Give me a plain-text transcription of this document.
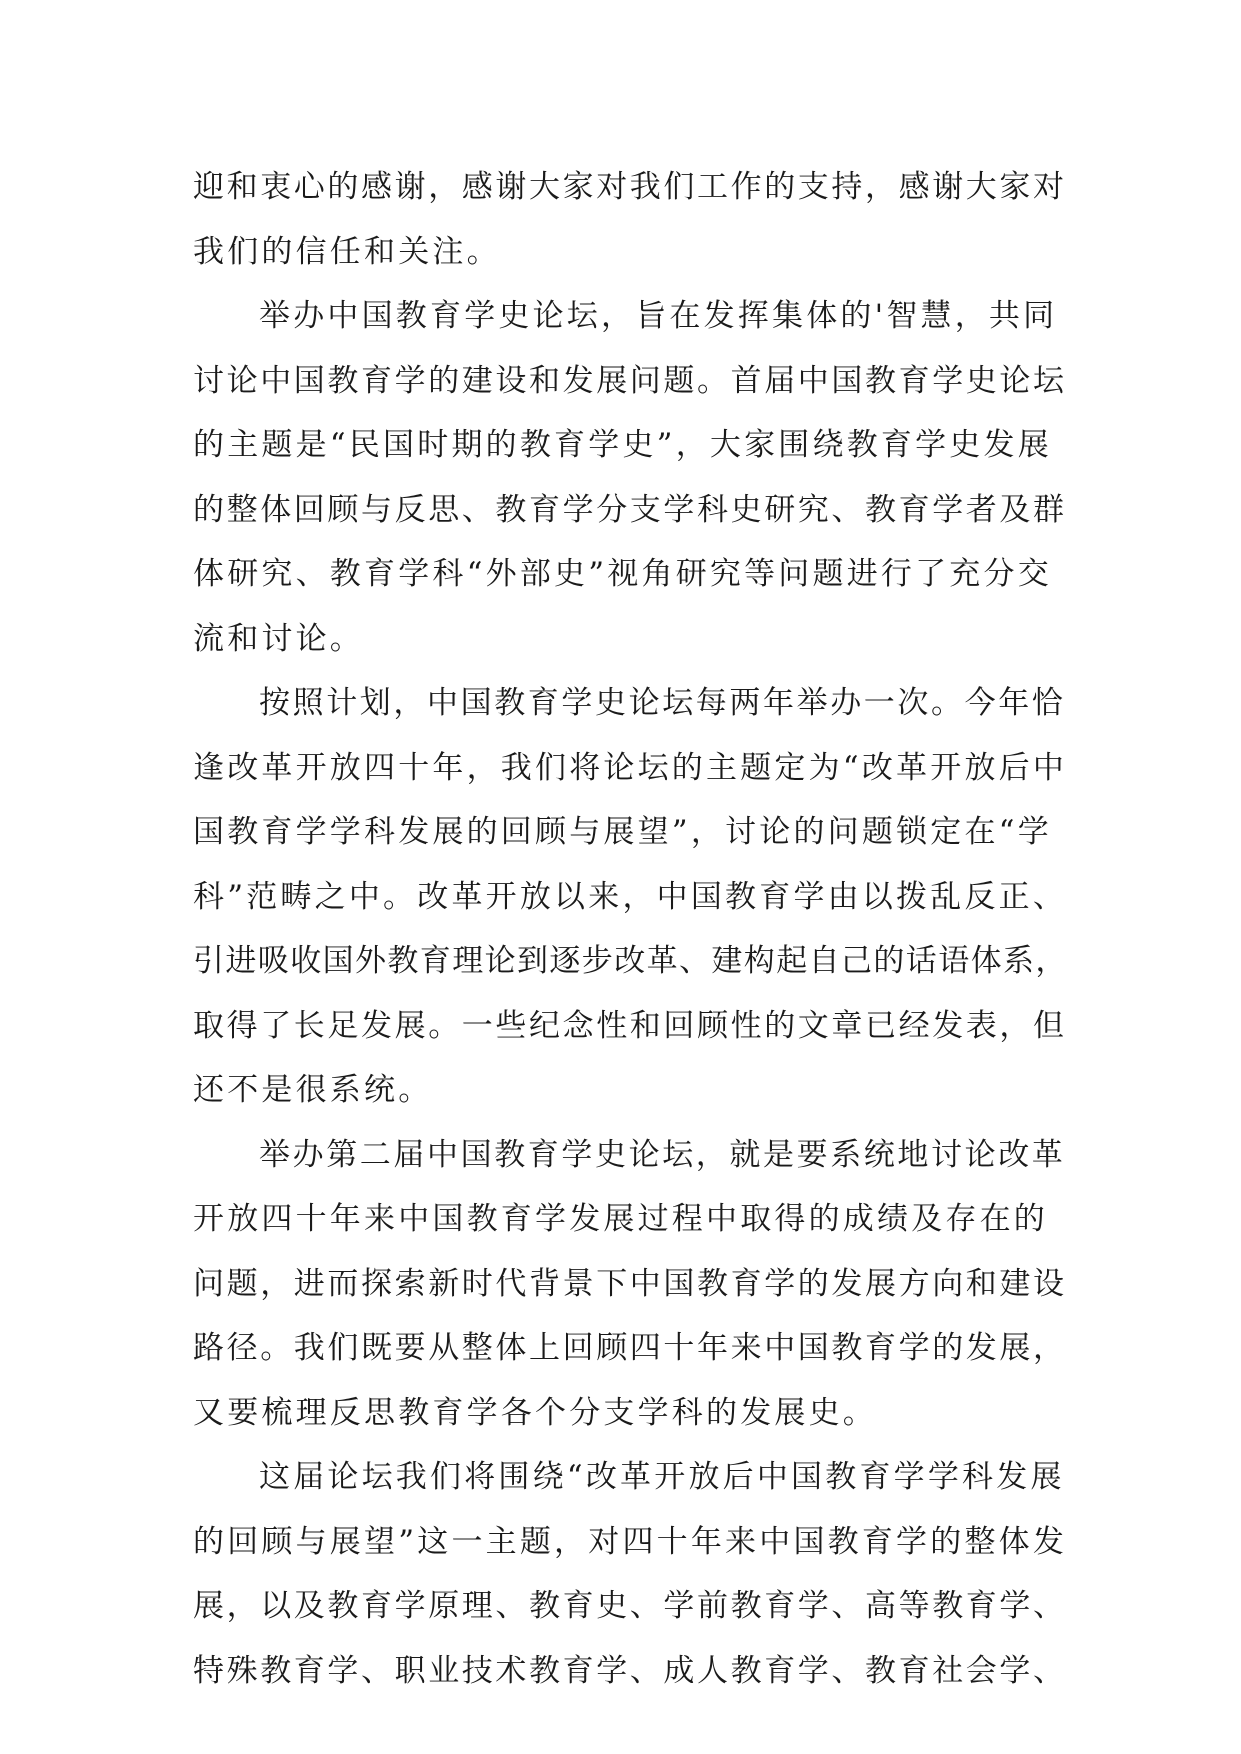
迎和衷心的感谢，感谢大家对我们工作的支持，感谢大家对
我们的信任和关注。
举办中国教育学史论坛，旨在发挥集体的'智慧，共同
讨论中国教育学的建设和发展问题。首届中国教育学史论坛
的主题是“民国时期的教育学史”，大家围绕教育学史发展
的整体回顾与反思、教育学分支学科史研究、教育学者及群
体研究、教育学科“外部史”视角研究等问题进行了充分交
流和讨论。
按照计划，中国教育学史论坛每两年举办一次。今年恰
逢改革开放四十年，我们将论坛的主题定为“改革开放后中
国教育学学科发展的回顾与展望”，讨论的问题锁定在“学
科”范畴之中。改革开放以来，中国教育学由以拨乱反正、
引进吸收国外教育理论到逐步改革、建构起自己的话语体系，
取得了长足发展。一些纪念性和回顾性的文章已经发表，但
还不是很系统。
举办第二届中国教育学史论坛，就是要系统地讨论改革
开放四十年来中国教育学发展过程中取得的成绩及存在的
问题，进而探索新时代背景下中国教育学的发展方向和建设
路径。我们既要从整体上回顾四十年来中国教育学的发展，
又要梳理反思教育学各个分支学科的发展史。
这届论坛我们将围绕“改革开放后中国教育学学科发展
的回顾与展望”这一主题，对四十年来中国教育学的整体发
展，以及教育学原理、教育史、学前教育学、高等教育学、
特殊教育学、职业技术教育学、成人教育学、教育社会学、
